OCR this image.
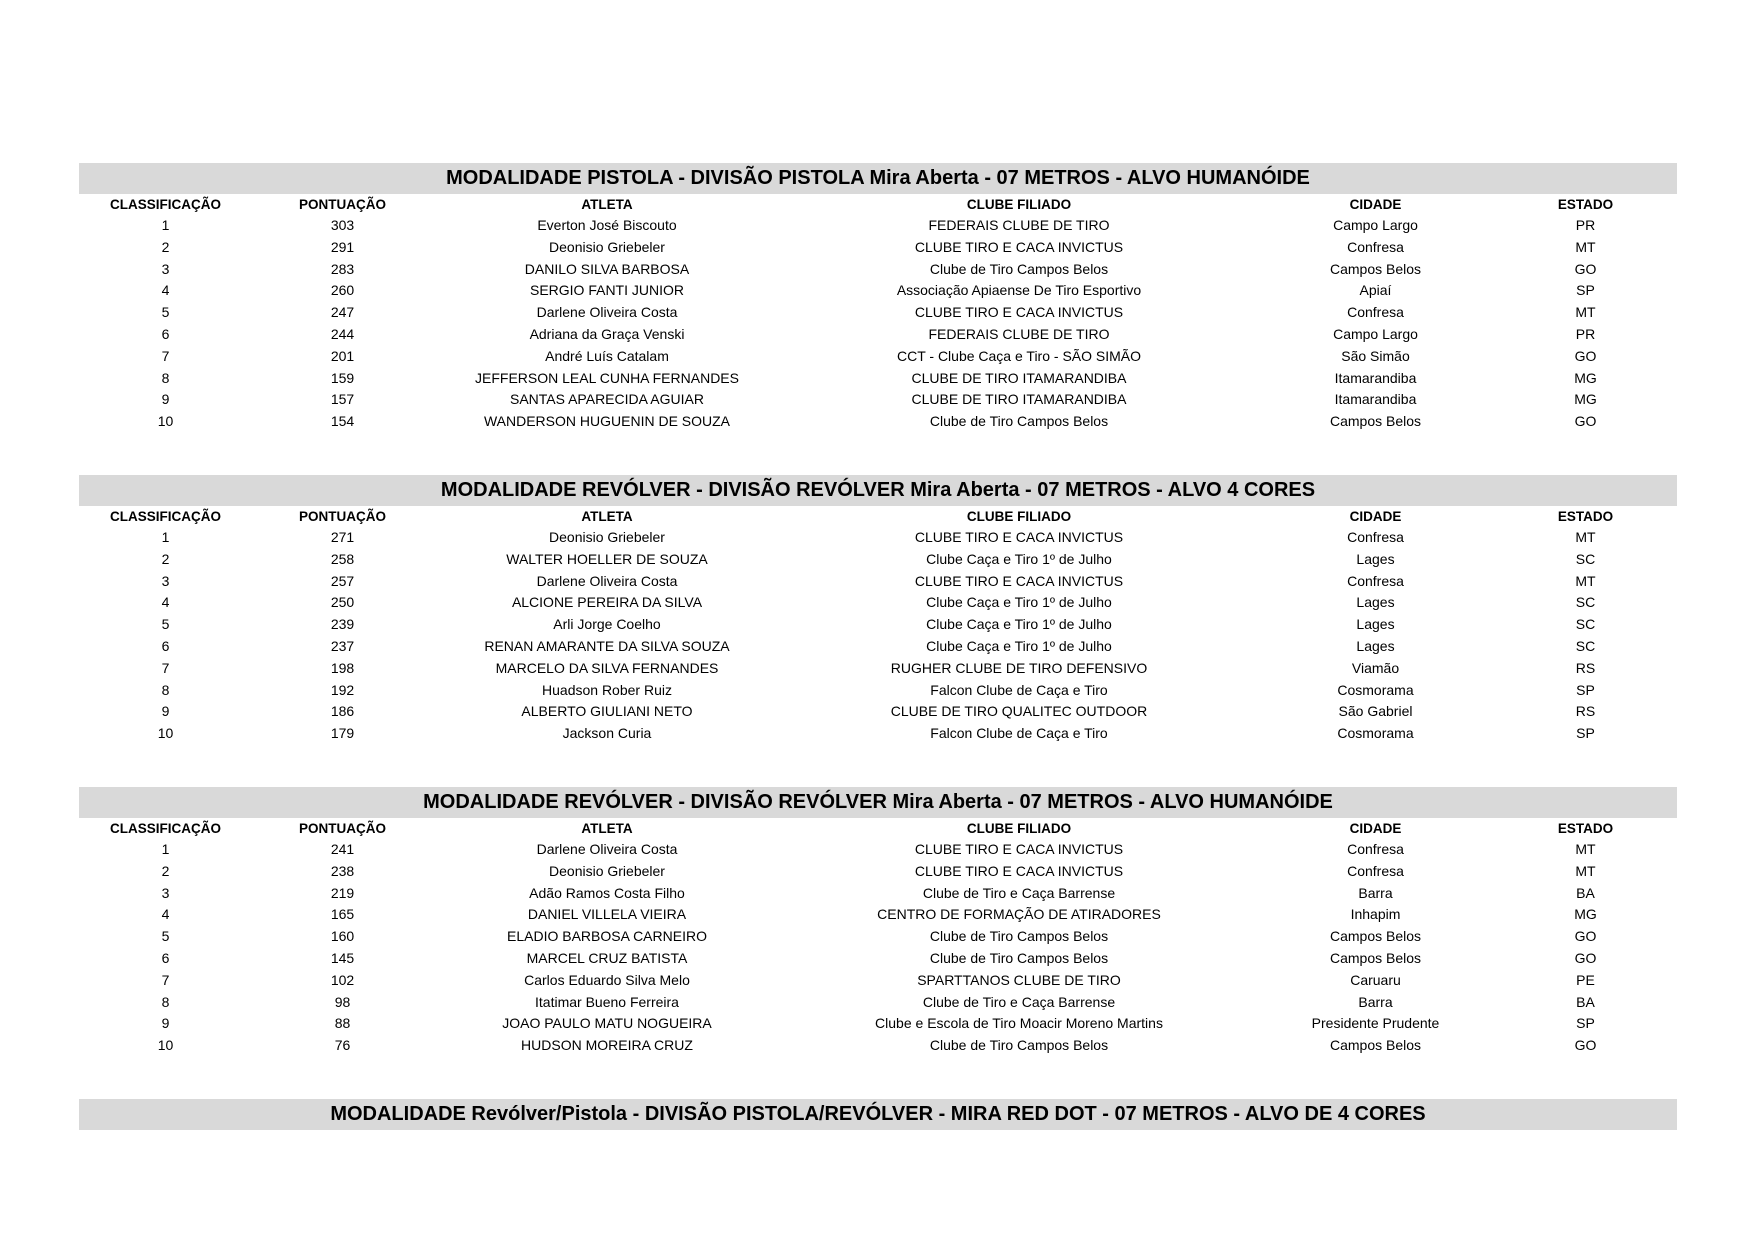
MODALIDADE PISTOLA - DIVISÃO PISTOLA Mira Aberta - 07 METROS - ALVO HUMANÓIDE
CLASSIFICAÇÃO	PONTUAÇÃO	ATLETA	CLUBE FILIADO	CIDADE	ESTADO
1	303	Everton José Biscouto	FEDERAIS CLUBE DE TIRO	Campo Largo	PR
2	291	Deonisio Griebeler	CLUBE TIRO E CACA INVICTUS	Confresa	MT
3	283	DANILO SILVA BARBOSA	Clube de Tiro Campos Belos	Campos Belos	GO
4	260	SERGIO FANTI JUNIOR	Associação Apiaense De Tiro Esportivo	Apiaí	SP
5	247	Darlene Oliveira Costa	CLUBE TIRO E CACA INVICTUS	Confresa	MT
6	244	Adriana da Graça Venski	FEDERAIS CLUBE DE TIRO	Campo Largo	PR
7	201	André Luís Catalam	CCT - Clube Caça e Tiro - SÃO SIMÃO	São Simão	GO
8	159	JEFFERSON LEAL CUNHA FERNANDES	CLUBE DE TIRO ITAMARANDIBA	Itamarandiba	MG
9	157	SANTAS APARECIDA AGUIAR	CLUBE DE TIRO ITAMARANDIBA	Itamarandiba	MG
10	154	WANDERSON HUGUENIN DE SOUZA	Clube de Tiro Campos Belos	Campos Belos	GO
MODALIDADE REVÓLVER - DIVISÃO REVÓLVER Mira Aberta - 07 METROS - ALVO 4 CORES
CLASSIFICAÇÃO	PONTUAÇÃO	ATLETA	CLUBE FILIADO	CIDADE	ESTADO
1	271	Deonisio Griebeler	CLUBE TIRO E CACA INVICTUS	Confresa	MT
2	258	WALTER HOELLER DE SOUZA	Clube Caça e Tiro 1º de Julho	Lages	SC
3	257	Darlene Oliveira Costa	CLUBE TIRO E CACA INVICTUS	Confresa	MT
4	250	ALCIONE PEREIRA DA SILVA	Clube Caça e Tiro 1º de Julho	Lages	SC
5	239	Arli Jorge Coelho	Clube Caça e Tiro 1º de Julho	Lages	SC
6	237	RENAN AMARANTE DA SILVA SOUZA	Clube Caça e Tiro 1º de Julho	Lages	SC
7	198	MARCELO DA SILVA FERNANDES	RUGHER CLUBE DE TIRO DEFENSIVO	Viamão	RS
8	192	Huadson Rober Ruiz	Falcon Clube de Caça e Tiro	Cosmorama	SP
9	186	ALBERTO GIULIANI NETO	CLUBE DE TIRO QUALITEC OUTDOOR	São Gabriel	RS
10	179	Jackson Curia	Falcon Clube de Caça e Tiro	Cosmorama	SP
MODALIDADE REVÓLVER - DIVISÃO REVÓLVER Mira Aberta - 07 METROS - ALVO HUMANÓIDE
CLASSIFICAÇÃO	PONTUAÇÃO	ATLETA	CLUBE FILIADO	CIDADE	ESTADO
1	241	Darlene Oliveira Costa	CLUBE TIRO E CACA INVICTUS	Confresa	MT
2	238	Deonisio Griebeler	CLUBE TIRO E CACA INVICTUS	Confresa	MT
3	219	Adão Ramos Costa Filho	Clube de Tiro e Caça Barrense	Barra	BA
4	165	DANIEL VILLELA VIEIRA	CENTRO DE FORMAÇÃO DE ATIRADORES	Inhapim	MG
5	160	ELADIO BARBOSA CARNEIRO	Clube de Tiro Campos Belos	Campos Belos	GO
6	145	MARCEL CRUZ BATISTA	Clube de Tiro Campos Belos	Campos Belos	GO
7	102	Carlos Eduardo Silva Melo	SPARTTANOS CLUBE DE TIRO	Caruaru	PE
8	98	Itatimar Bueno Ferreira	Clube de Tiro e Caça Barrense	Barra	BA
9	88	JOAO PAULO MATU NOGUEIRA	Clube e Escola de Tiro Moacir Moreno Martins	Presidente Prudente	SP
10	76	HUDSON MOREIRA CRUZ	Clube de Tiro Campos Belos	Campos Belos	GO
MODALIDADE Revólver/Pistola - DIVISÃO PISTOLA/REVÓLVER - MIRA RED DOT - 07 METROS - ALVO DE 4 CORES
